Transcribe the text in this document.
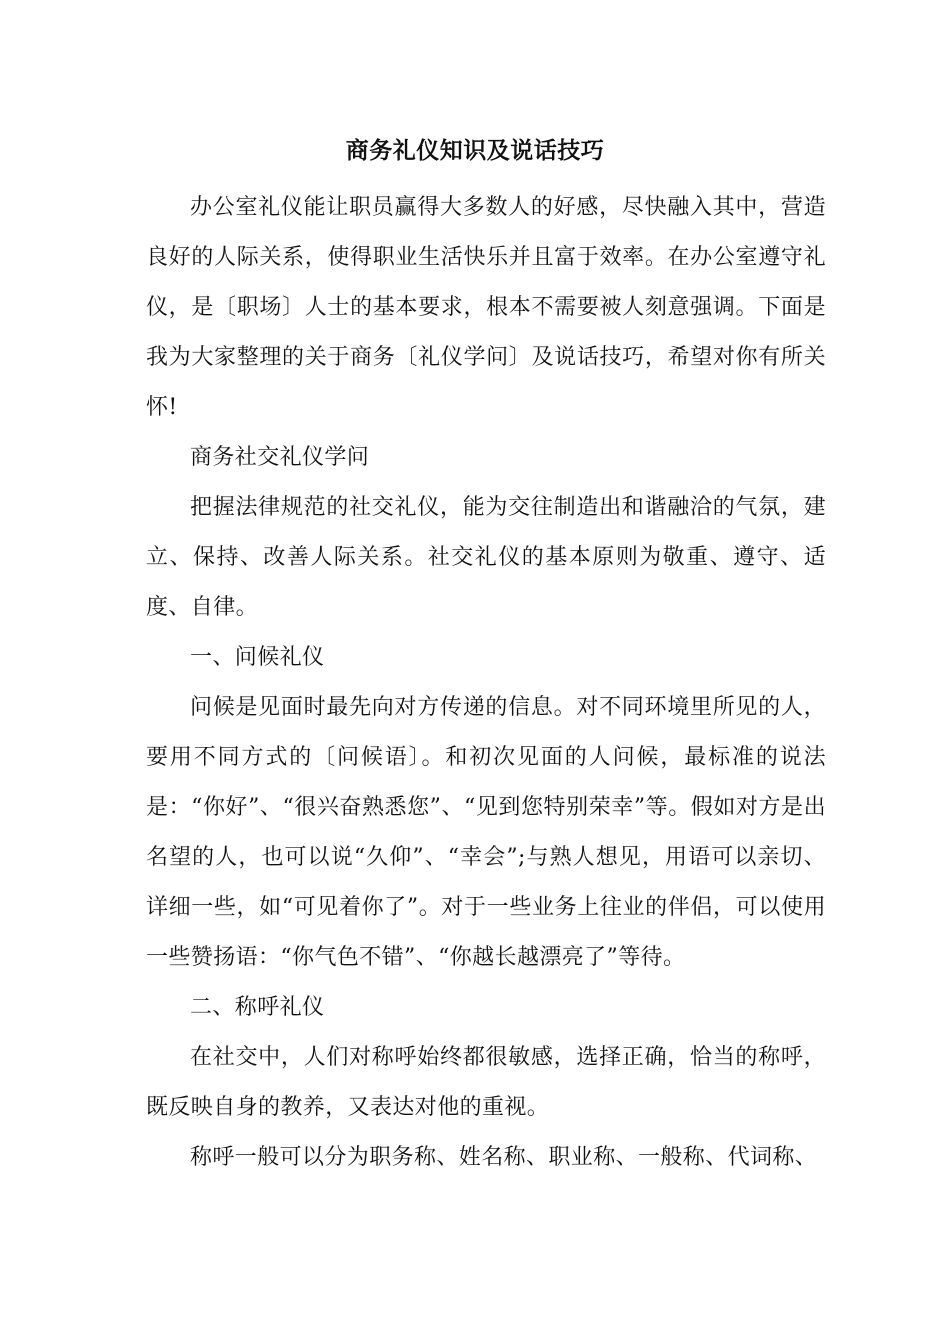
商务礼仪知识及说话技巧

办公室礼仪能让职员赢得大多数人的好感，尽快融入其中，营造良好的人际关系，使得职业生活快乐并且富于效率。在办公室遵守礼仪，是〔职场〕人士的基本要求，根本不需要被人刻意强调。下面是我为大家整理的关于商务〔礼仪学问〕及说话技巧，希望对你有所关怀!

商务社交礼仪学问

把握法律规范的社交礼仪，能为交往制造出和谐融洽的气氛，建立、保持、改善人际关系。社交礼仪的基本原则为敬重、遵守、适度、自律。

一、问候礼仪

问候是见面时最先向对方传递的信息。对不同环境里所见的人，要用不同方式的〔问候语〕。和初次见面的人问候，最标准的说法是：“你好”、“很兴奋熟悉您”、“见到您特别荣幸”等。假如对方是出名望的人，也可以说“久仰”、“幸会”;与熟人想见，用语可以亲切、详细一些，如“可见着你了”。对于一些业务上往业的伴侣，可以使用一些赞扬语：“你气色不错”、“你越长越漂亮了”等待。

二、称呼礼仪

在社交中，人们对称呼始终都很敏感，选择正确，恰当的称呼，既反映自身的教养，又表达对他的重视。

称呼一般可以分为职务称、姓名称、职业称、一般称、代词称、
